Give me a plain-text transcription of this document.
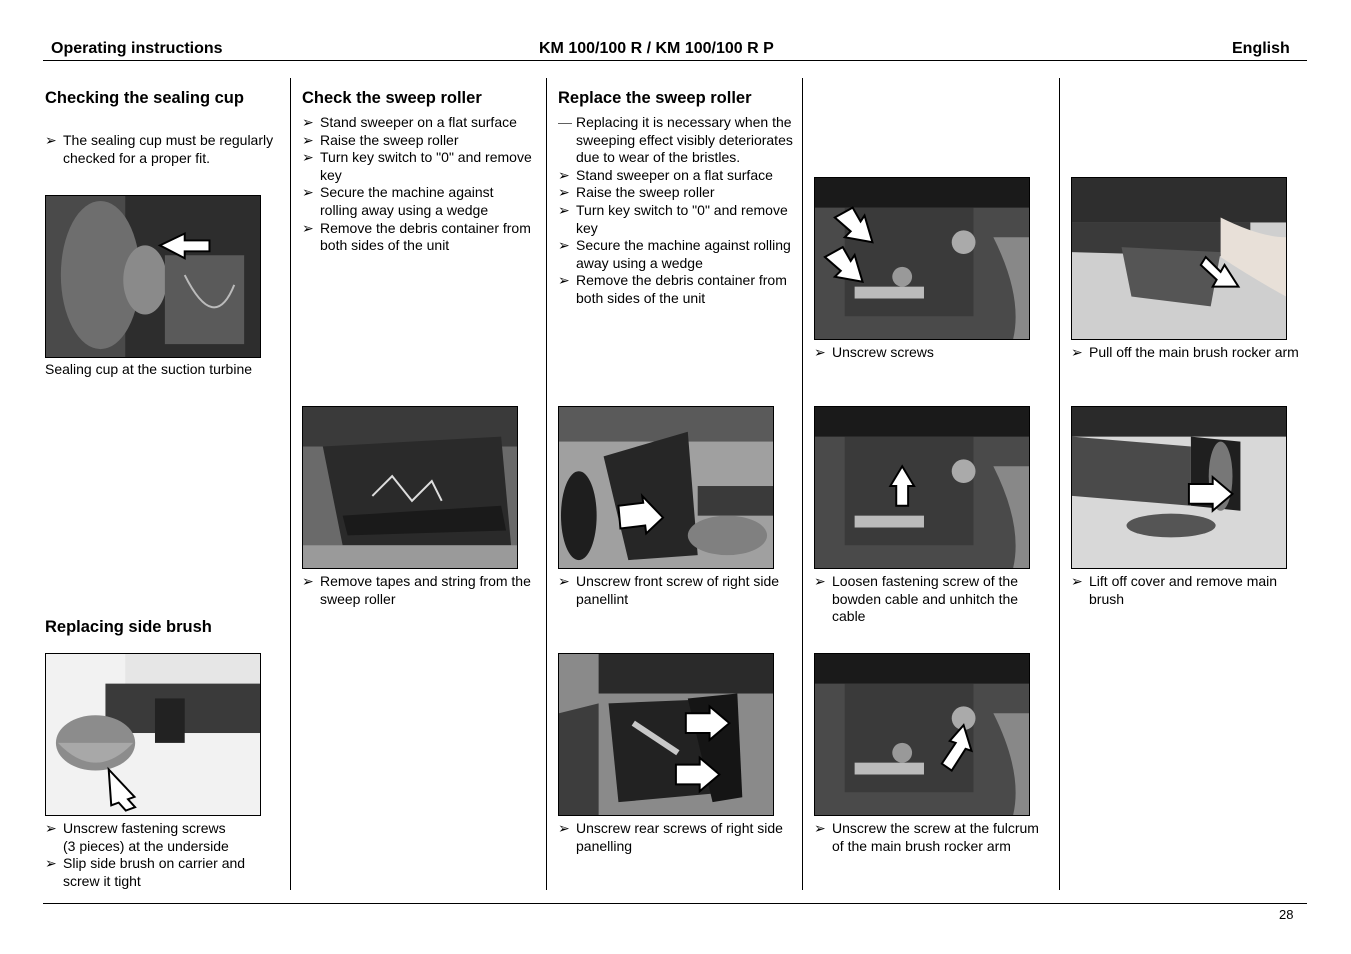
Operating instructions	KM 100/100 R / KM 100/100 R P	English
Checking the sealing cup
➢ The sealing cup must be regularly checked for a proper fit.
Sealing cup at the suction turbine
Replacing side brush
➢ Unscrew fastening screws
(3 pieces) at the underside
➢ Slip side brush on carrier and screw it tight
Check the sweep roller
➢ Stand sweeper on a flat surface
➢ Raise the sweep roller
➢ Turn key switch to "0" and remove key
➢ Secure the machine against rolling away using a wedge
➢ Remove the debris container from both sides of the unit
➢ Remove tapes and string from the sweep roller
Replace the sweep roller
— Replacing it is necessary when the sweeping effect visibly deteriorates due to wear of the bristles.
➢ Stand sweeper on a flat surface
➢ Raise the sweep roller
➢ Turn key switch to "0" and remove key
➢ Secure the machine against rolling away using a wedge
➢ Remove the debris container from both sides of the unit
➢ Unscrew front screw of right side panellint
➢ Unscrew rear screws of right side panelling
➢ Unscrew screws
➢ Loosen fastening screw of the bowden cable and unhitch the cable
➢ Unscrew the screw at the fulcrum of the main brush rocker arm
➢ Pull off the main brush rocker arm
➢ Lift off cover and remove main brush
28
